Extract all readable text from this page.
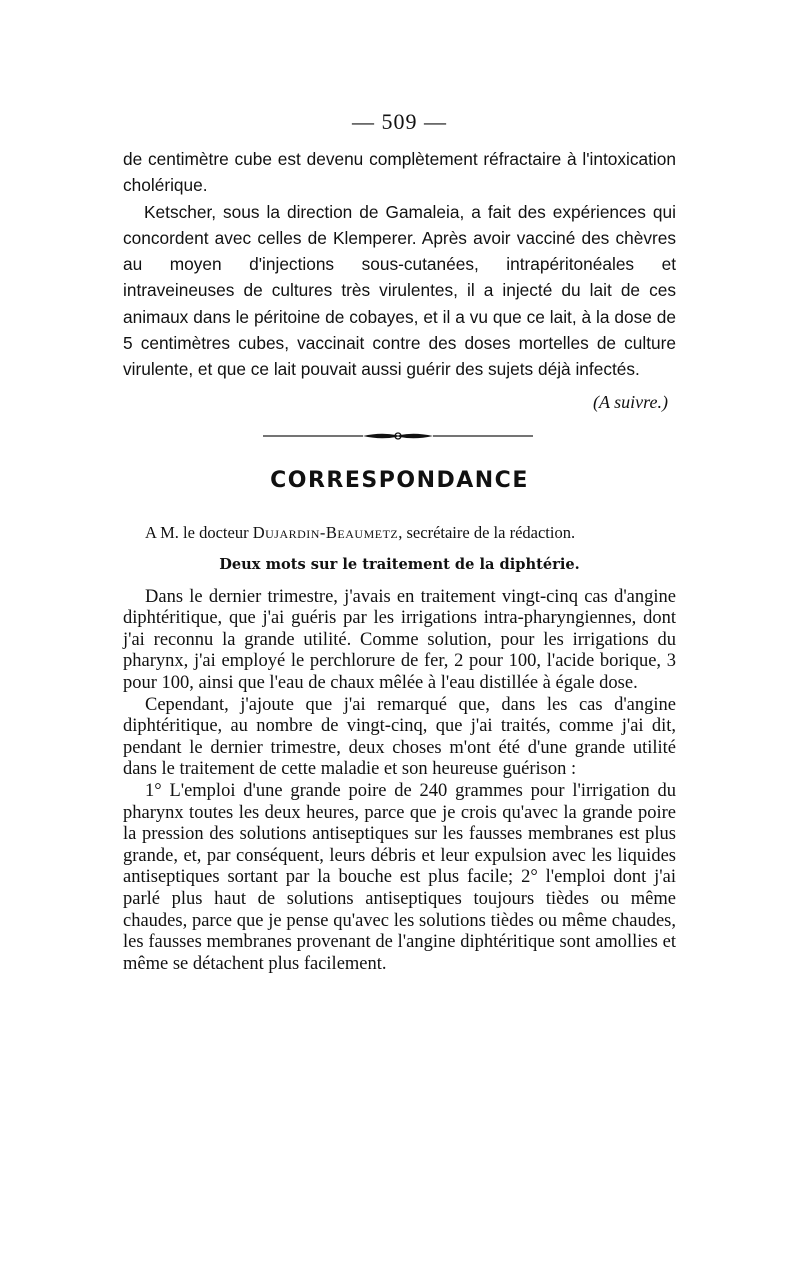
— 509 —

de centimètre cube est devenu complètement réfractaire à l'intoxication cholérique.

Ketscher, sous la direction de Gamaleia, a fait des expériences qui concordent avec celles de Klemperer. Après avoir vacciné des chèvres au moyen d'injections sous-cutanées, intrapéritonéales et intraveineuses de cultures très virulentes, il a injecté du lait de ces animaux dans le péritoine de cobayes, et il a vu que ce lait, à la dose de 5 centimètres cubes, vaccinait contre des doses mortelles de culture virulente, et que ce lait pouvait aussi guérir des sujets déjà infectés.

(A suivre.)
CORRESPONDANCE
A M. le docteur Dujardin-Beaumetz, secrétaire de la rédaction.
Deux mots sur le traitement de la diphtérie.

Dans le dernier trimestre, j'avais en traitement vingt-cinq cas d'angine diphtéritique, que j'ai guéris par les irrigations intra-pharyngiennes, dont j'ai reconnu la grande utilité. Comme solution, pour les irrigations du pharynx, j'ai employé le perchlorure de fer, 2 pour 100, l'acide borique, 3 pour 100, ainsi que l'eau de chaux mêlée à l'eau distillée à égale dose.

Cependant, j'ajoute que j'ai remarqué que, dans les cas d'angine diphtéritique, au nombre de vingt-cinq, que j'ai traités, comme j'ai dit, pendant le dernier trimestre, deux choses m'ont été d'une grande utilité dans le traitement de cette maladie et son heureuse guérison :

1° L'emploi d'une grande poire de 240 grammes pour l'irrigation du pharynx toutes les deux heures, parce que je crois qu'avec la grande poire la pression des solutions antiseptiques sur les fausses membranes est plus grande, et, par conséquent, leurs débris et leur expulsion avec les liquides antiseptiques sortant par la bouche est plus facile; 2° l'emploi dont j'ai parlé plus haut de solutions antiseptiques toujours tièdes ou même chaudes, parce que je pense qu'avec les solutions tièdes ou même chaudes, les fausses membranes provenant de l'angine diphtéritique sont amollies et même se détachent plus facilement.
